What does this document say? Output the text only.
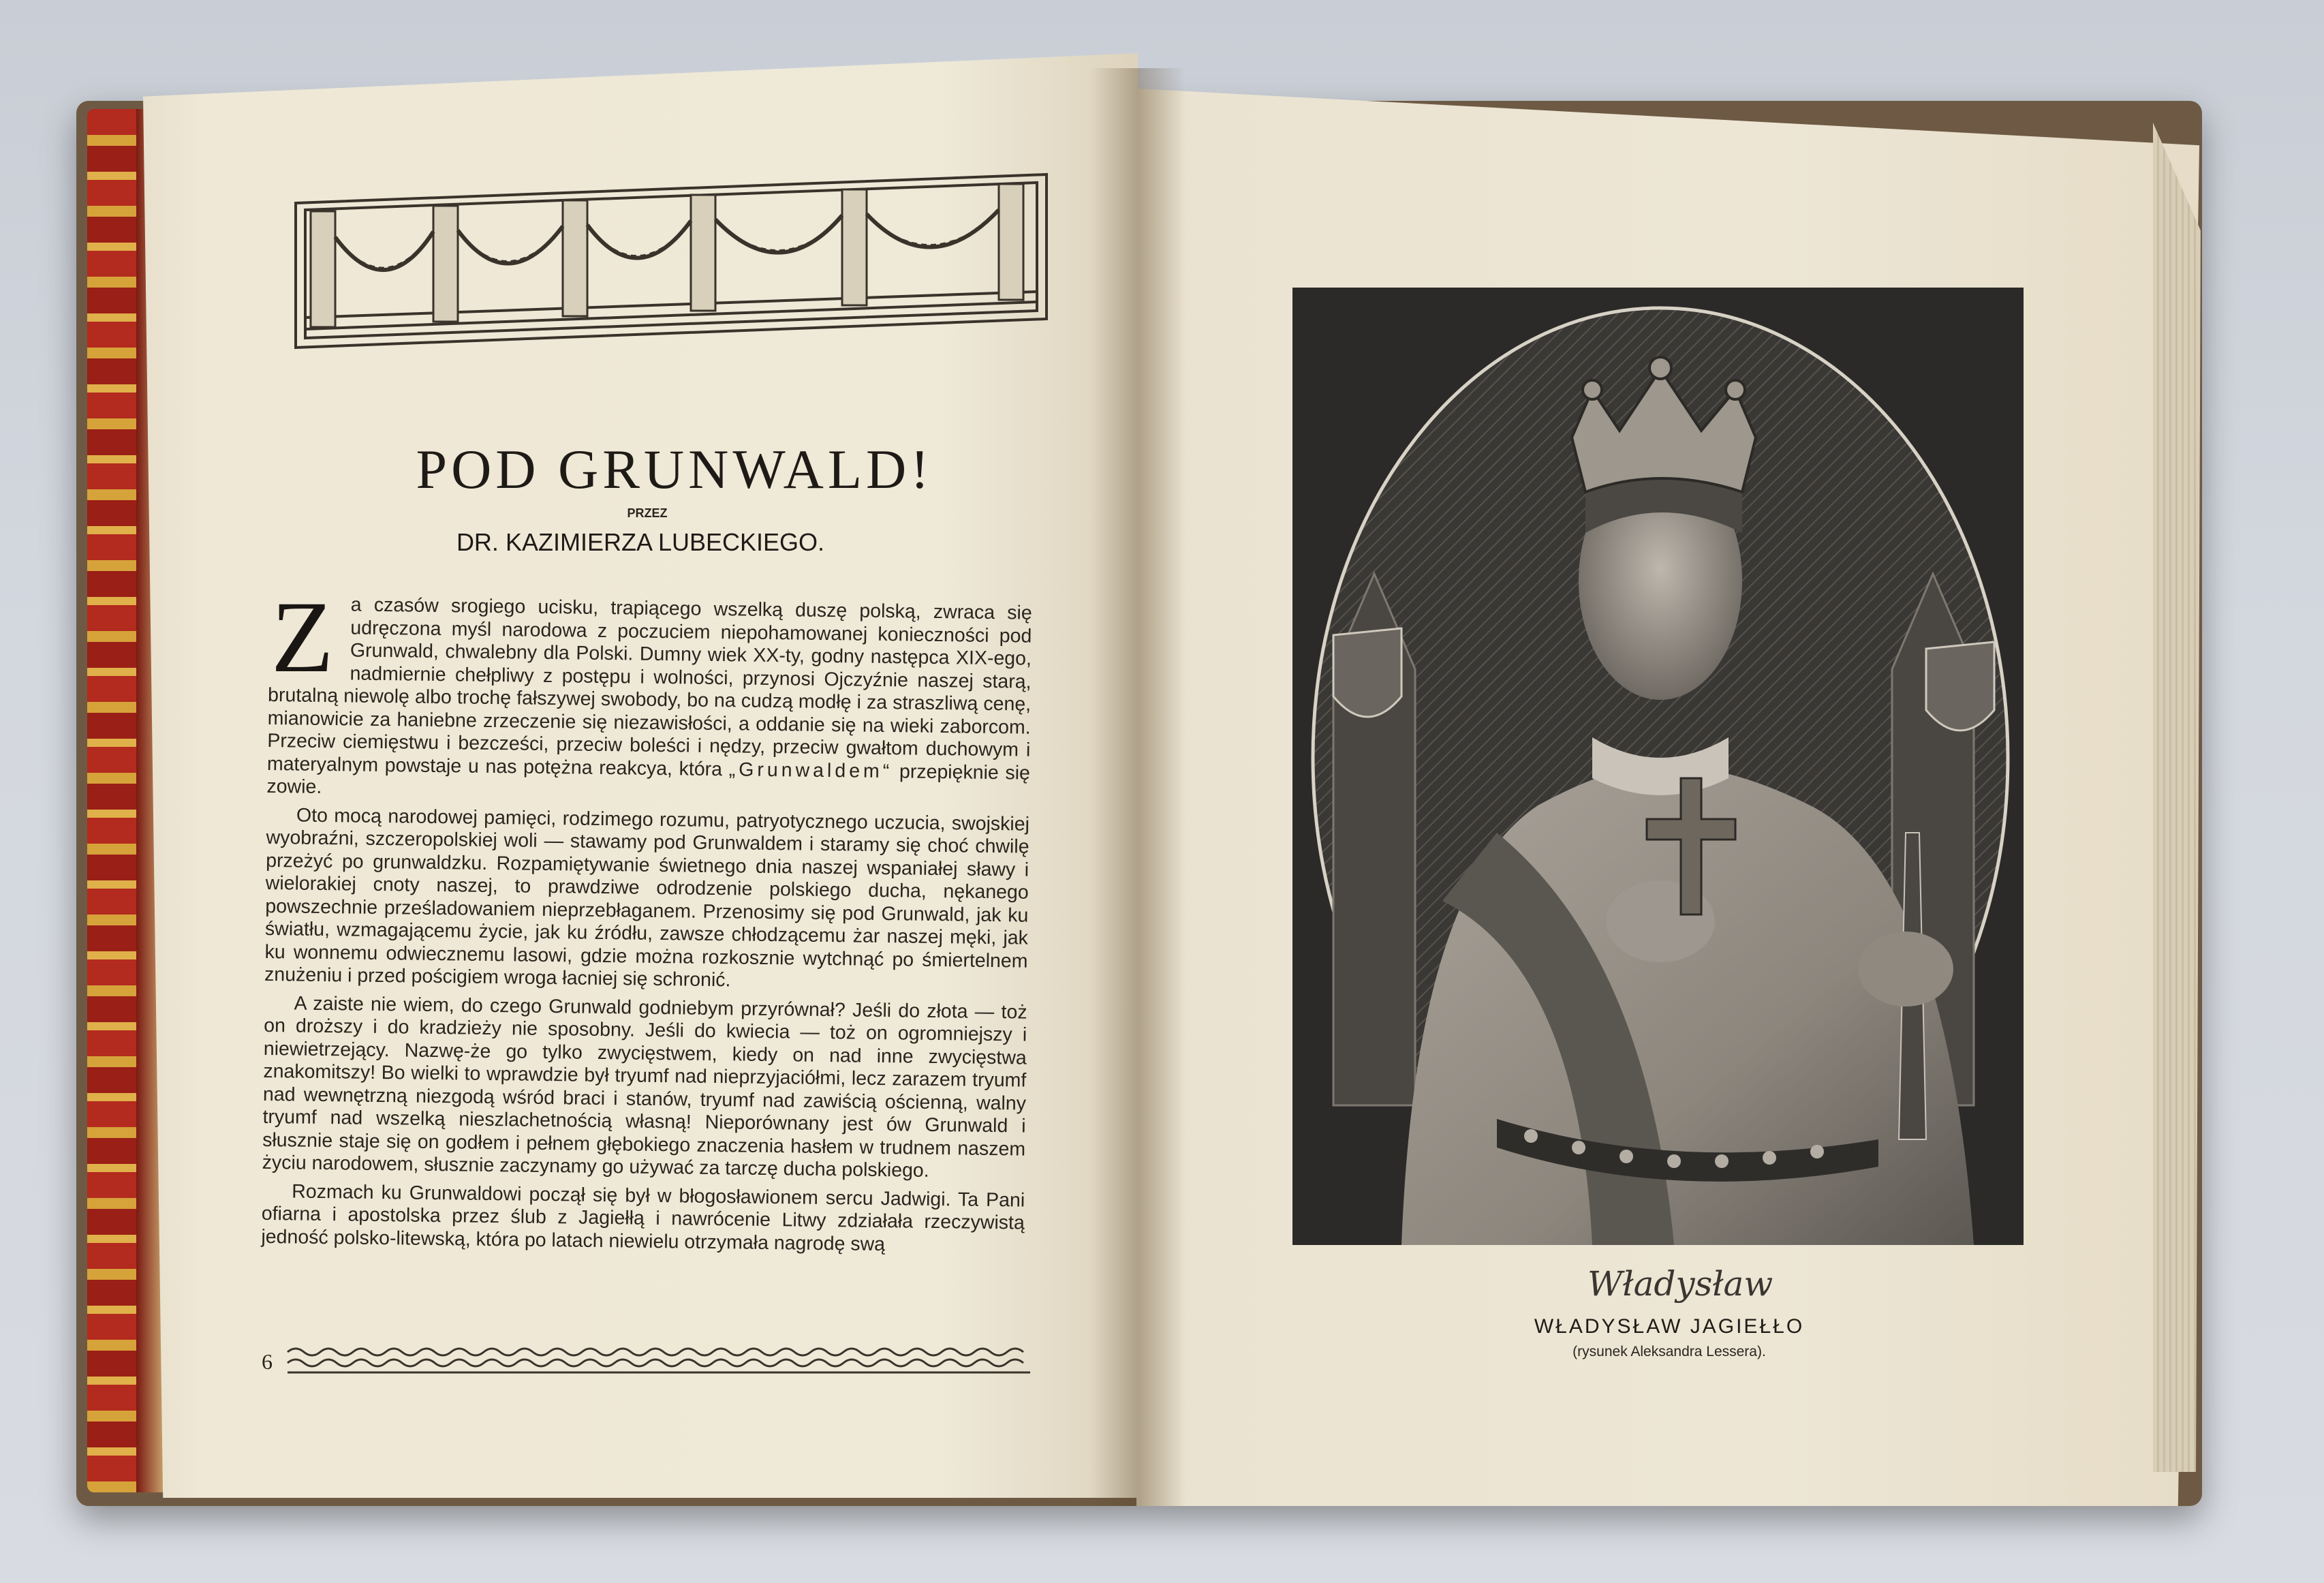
POD GRUNWALD!
PRZEZ
DR. KAZIMIERZA LUBECKIEGO.

a czasów srogiego ucisku, trapiącego wszelką duszę polską, zwraca się udręczona myśl narodowa z poczuciem niepohamowanej konieczności pod Grunwald, chwalebny dla Polski. Dumny wiek XX-ty, godny następca XIX-ego, nadmiernie chełpliwy z postępu i wolności, przynosi Ojczyźnie naszej starą, brutalną niewolę albo trochę fałszywej swobody, bo na cudzą modłę i za straszliwą cenę, mianowicie za haniebne zrzeczenie się niezawisłości, a oddanie się na wieki zaborcom. Przeciw ciemięstwu i bezcześci, przeciw boleści i nędzy, przeciw gwałtom duchowym i materyalnym powstaje u nas potężna reakcya, która „Grunwaldem“ przepięknie się zowie.

Oto mocą narodowej pamięci, rodzimego rozumu, patryotycznego uczucia, swojskiej wyobraźni, szczeropolskiej woli — stawamy pod Grunwaldem i staramy się choć chwilę przeżyć po grunwaldzku. Rozpamiętywanie świetnego dnia naszej wspaniałej sławy i wielorakiej cnoty naszej, to prawdziwe odrodzenie polskiego ducha, nękanego powszechnie prześladowaniem nieprzebłaganem. Przenosimy się pod Grunwald, jak ku światłu, wzmagającemu życie, jak ku źródłu, zawsze chłodzącemu żar naszej męki, jak ku wonnemu odwiecznemu lasowi, gdzie można rozkosznie wytchnąć po śmiertelnem znużeniu i przed pościgiem wroga łacniej się schronić.

A zaiste nie wiem, do czego Grunwald godniebym przyrównał? Jeśli do złota — toż on droższy i do kradzieży nie sposobny. Jeśli do kwiecia — toż on ogromniejszy i niewietrzejący. Nazwę-że go tylko zwycięstwem, kiedy on nad inne zwycięstwa znakomitszy! Bo wielki to wprawdzie był tryumf nad nieprzyjaciółmi, lecz zarazem tryumf nad wewnętrzną niezgodą wśród braci i stanów, tryumf nad zawiścią ościenną, walny tryumf nad wszelką nieszlachetnością własną! Nieporównany jest ów Grunwald i słusznie staje się on godłem i pełnem głębokiego znaczenia hasłem w trudnem naszem życiu narodowem, słusznie zaczynamy go używać za tarczę ducha polskiego.

Rozmach ku Grunwaldowi począł się był w błogosławionem sercu Jadwigi. Ta Pani ofiarna i apostolska przez ślub z Jagiełłą i nawrócenie Litwy zdziałała rzeczywistą jedność polsko-litewską, która po latach niewielu otrzymała nagrodę swą

Z
6
Władysław
WŁADYSŁAW JAGIEŁŁO
(rysunek Aleksandra Lessera).
